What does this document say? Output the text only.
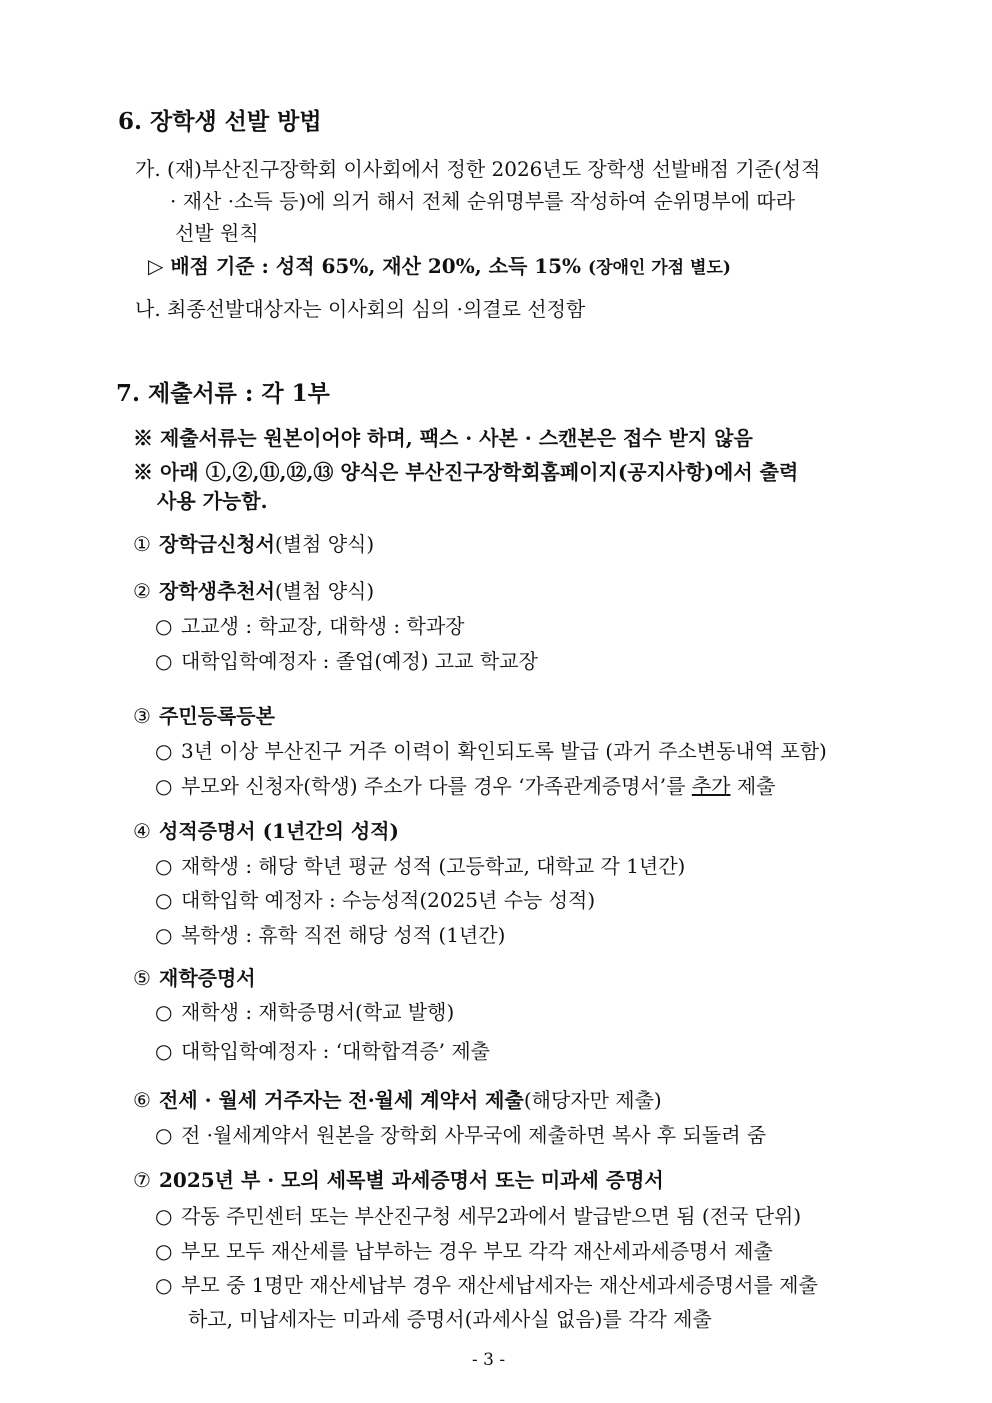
6. 장학생 선발 방법
가. (재)부산진구장학회 이사회에서 정한 2026년도 장학생 선발배점 기준(성적
· 재산 ·소득 등)에 의거 해서 전체 순위명부를 작성하여 순위명부에 따라
선발 원칙
▷ 배점 기준 : 성적 65%, 재산 20%, 소득 15% (장애인 가점 별도)
나. 최종선발대상자는 이사회의 심의 ·의결로 선정함
7. 제출서류 : 각 1부
※ 제출서류는 원본이어야 하며, 팩스 · 사본 · 스캔본은 접수 받지 않음
※ 아래 ①,②,⑪,⑫,⑬ 양식은 부산진구장학회홈페이지(공지사항)에서 출력
사용 가능함.
① 장학금신청서(별첨 양식)
② 장학생추천서(별첨 양식)
○ 고교생 : 학교장, 대학생 : 학과장
○ 대학입학예정자 : 졸업(예정) 고교 학교장
③ 주민등록등본
○ 3년 이상 부산진구 거주 이력이 확인되도록 발급 (과거 주소변동내역 포함)
○ 부모와 신청자(학생) 주소가 다를 경우 ‘가족관계증명서’를 추가 제출
④ 성적증명서 (1년간의 성적)
○ 재학생 : 해당 학년 평균 성적 (고등학교, 대학교 각 1년간)
○ 대학입학 예정자 : 수능성적(2025년 수능 성적)
○ 복학생 : 휴학 직전 해당 성적 (1년간)
⑤ 재학증명서
○ 재학생 : 재학증명서(학교 발행)
○ 대학입학예정자 : ‘대학합격증’ 제출
⑥ 전세 · 월세 거주자는 전·월세 계약서 제출(해당자만 제출)
○ 전 ·월세계약서 원본을 장학회 사무국에 제출하면 복사 후 되돌려 줌
⑦ 2025년 부 · 모의 세목별 과세증명서 또는 미과세 증명서
○ 각동 주민센터 또는 부산진구청 세무2과에서 발급받으면 됨 (전국 단위)
○ 부모 모두 재산세를 납부하는 경우 부모 각각 재산세과세증명서 제출
○ 부모 중 1명만 재산세납부 경우 재산세납세자는 재산세과세증명서를 제출
하고, 미납세자는 미과세 증명서(과세사실 없음)를 각각 제출
- 3 -
